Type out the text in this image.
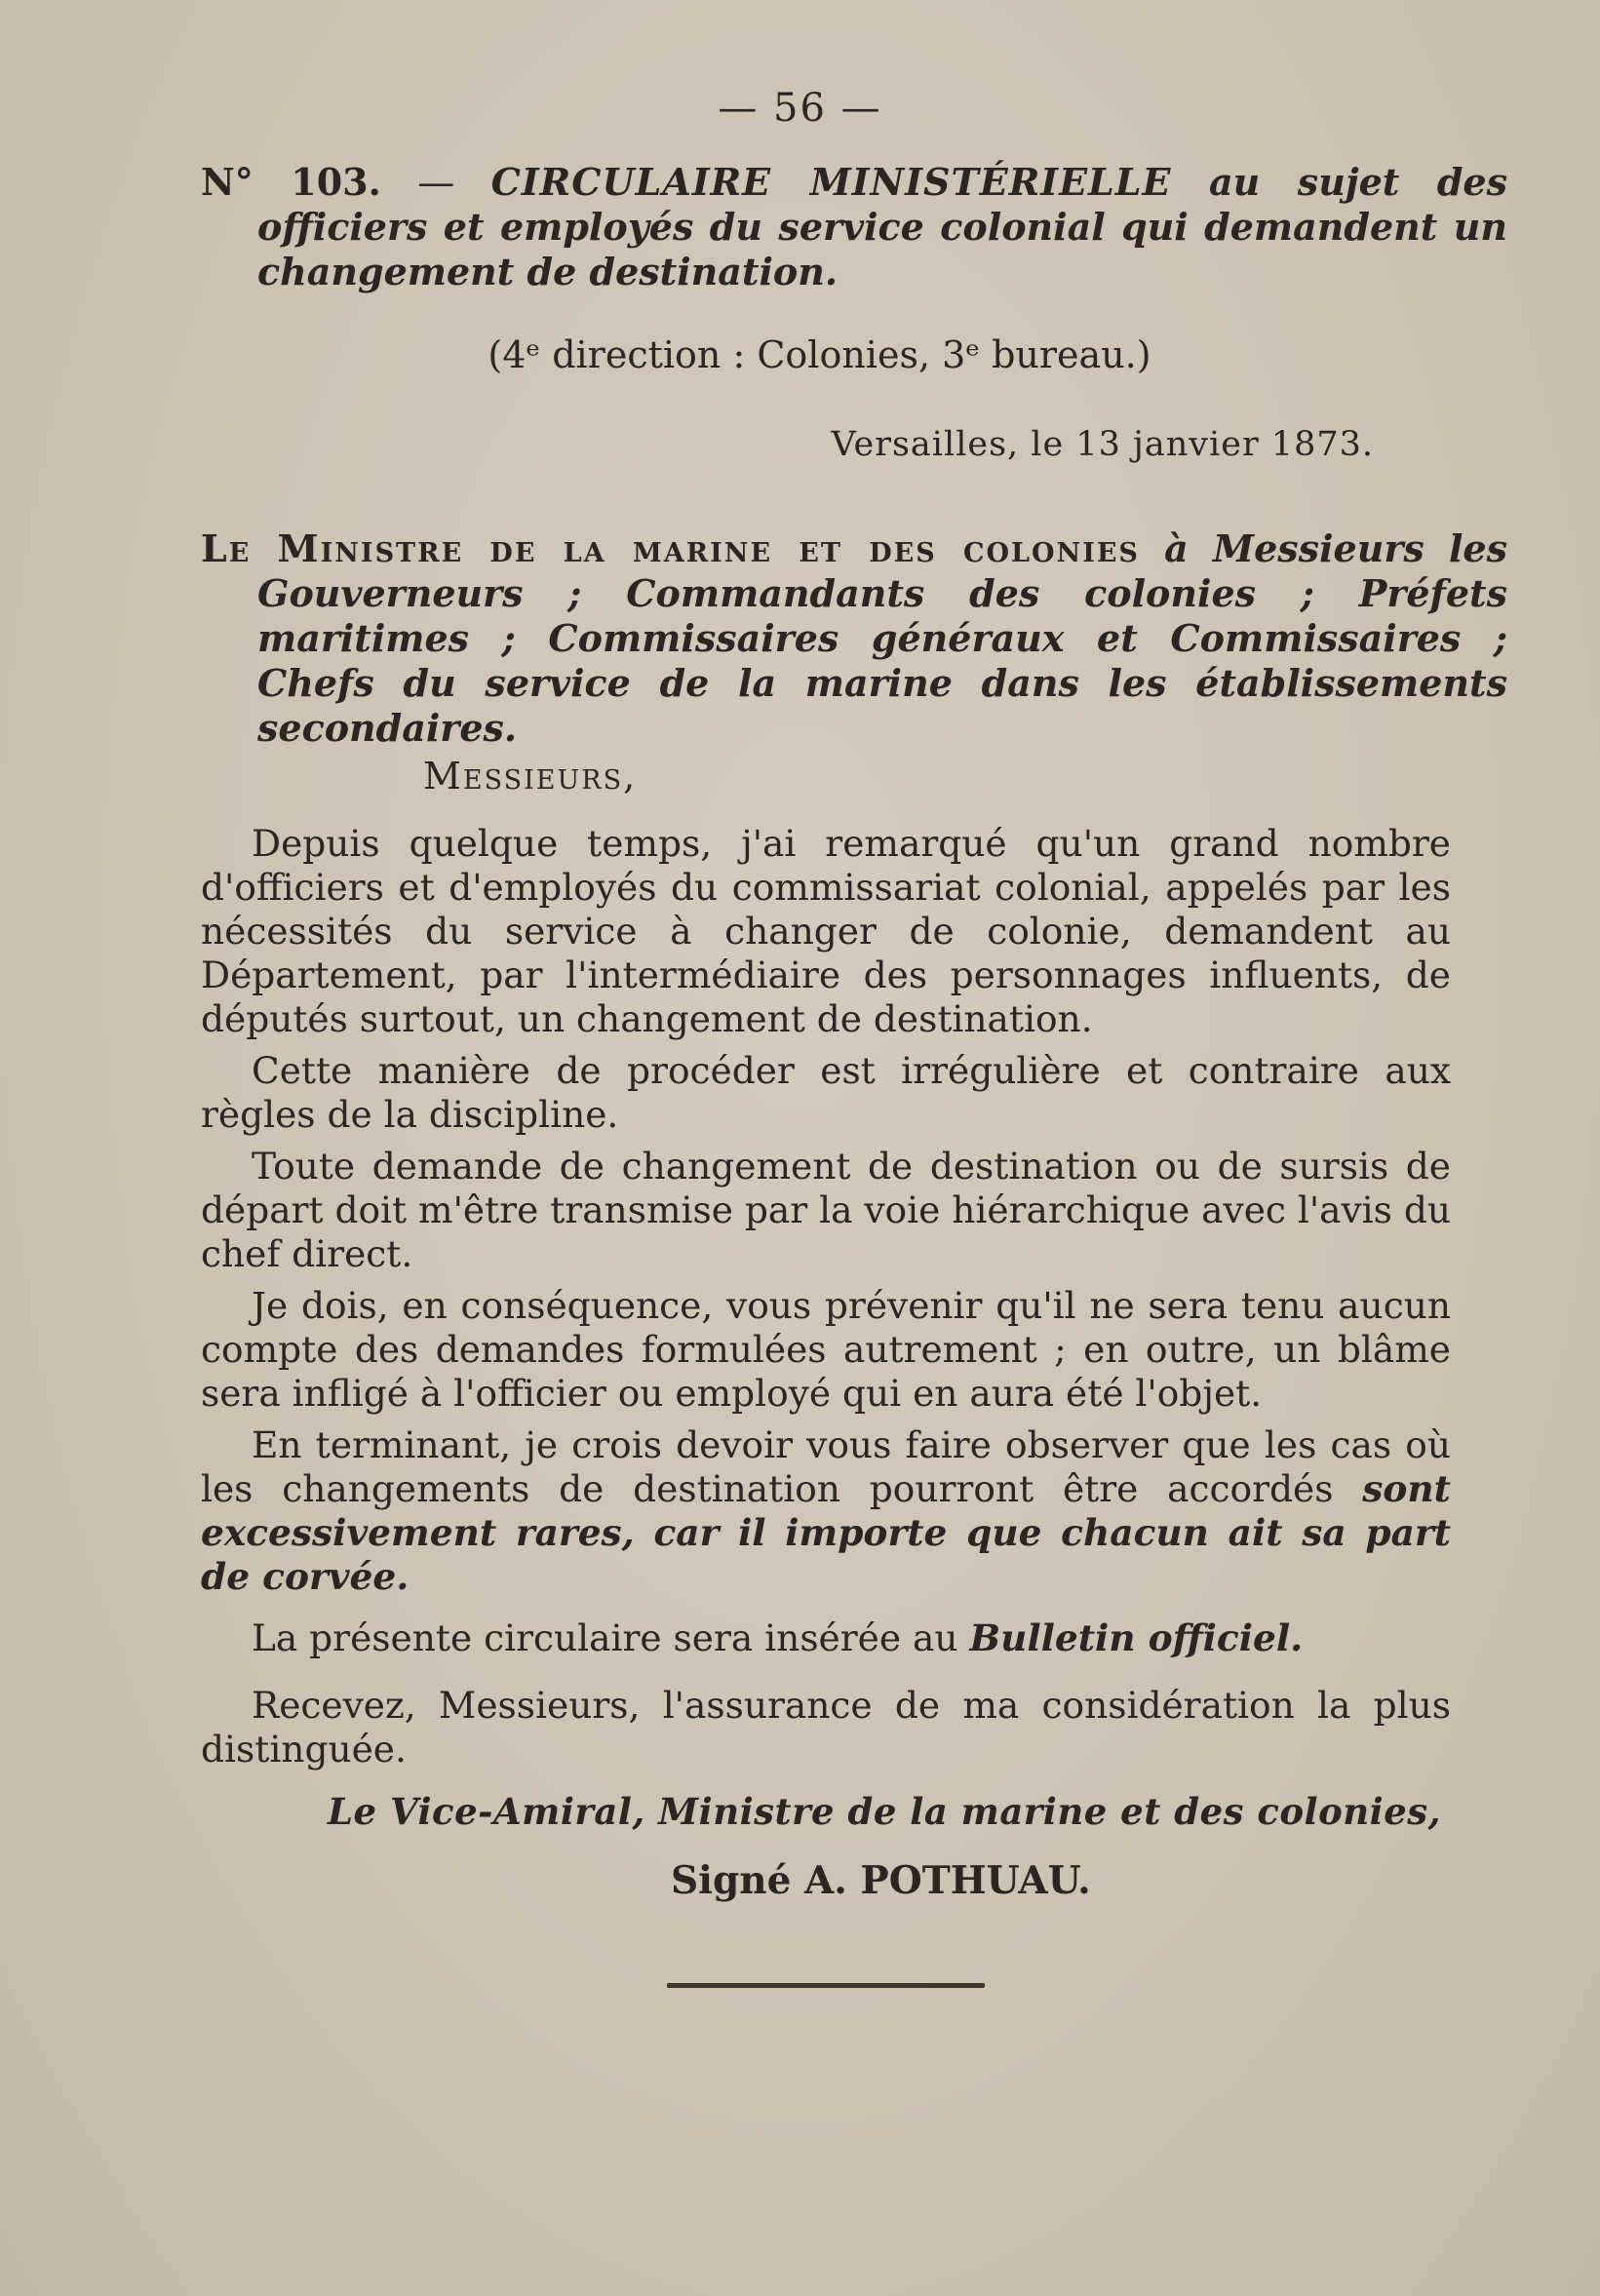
— 56 —
N° 103. — CIRCULAIRE MINISTÉRIELLE au sujet des officiers et employés du service colonial qui demandent un changement de destination.
(4ᵉ direction : Colonies, 3ᵉ bureau.)
Versailles, le 13 janvier 1873.
Le Ministre de la marine et des colonies à Messieurs les Gouverneurs ; Commandants des colonies ; Préfets maritimes ; Commissaires généraux et Commissaires ; Chefs du service de la marine dans les établissements secondaires.
Messieurs,

Depuis quelque temps, j'ai remarqué qu'un grand nombre d'officiers et d'employés du commissariat colonial, appelés par les nécessités du service à changer de colonie, demandent au Département, par l'intermédiaire des personnages influents, de députés surtout, un changement de destination.

Cette manière de procéder est irrégulière et contraire aux règles de la discipline.

Toute demande de changement de destination ou de sursis de départ doit m'être transmise par la voie hiérarchique avec l'avis du chef direct.

Je dois, en conséquence, vous prévenir qu'il ne sera tenu aucun compte des demandes formulées autrement ; en outre, un blâme sera infligé à l'officier ou employé qui en aura été l'objet.

En terminant, je crois devoir vous faire observer que les cas où les changements de destination pourront être accordés sont excessivement rares, car il importe que chacun ait sa part de corvée.

La présente circulaire sera insérée au Bulletin officiel.

Recevez, Messieurs, l'assurance de ma considération la plus distinguée.

Le Vice-Amiral, Ministre de la marine et des colonies,
Signé A. POTHUAU.
